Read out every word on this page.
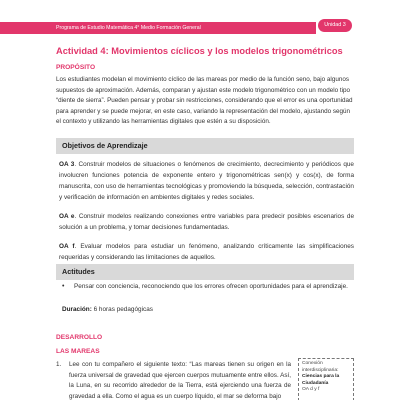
Programa de Estudio Matemática 4° Medio Formación General	Unidad 3
Actividad 4: Movimientos cíclicos y los modelos trigonométricos
PROPÓSITO
Los estudiantes modelan el movimiento cíclico de las mareas por medio de la función seno, bajo algunos supuestos de aproximación. Además, comparan y ajustan este modelo trigonométrico con un modelo tipo “diente de sierra”. Pueden pensar y probar sin restricciones, considerando que el error es una oportunidad para aprender y se puede mejorar, en este caso, variando la representación del modelo, ajustando según el contexto y utilizando las herramientas digitales que estén a su disposición.
Objetivos de Aprendizaje
OA 3. Construir modelos de situaciones o fenómenos de crecimiento, decrecimiento y periódicos que involucren funciones potencia de exponente entero y trigonométricas sen(x) y cos(x), de forma manuscrita, con uso de herramientas tecnológicas y promoviendo la búsqueda, selección, contrastación y verificación de información en ambientes digitales y redes sociales.
OA e. Construir modelos realizando conexiones entre variables para predecir posibles escenarios de solución a un problema, y tomar decisiones fundamentadas.
OA f. Evaluar modelos para estudiar un fenómeno, analizando críticamente las simplificaciones requeridas y considerando las limitaciones de aquellos.
Actitudes
•	Pensar con conciencia, reconociendo que los errores ofrecen oportunidades para el aprendizaje.
Duración: 6 horas pedagógicas
DESARROLLO
LAS MAREAS
1. Lee con tu compañero el siguiente texto: “Las mareas tienen su origen en la fuerza universal de gravedad que ejercen cuerpos mutuamente entre ellos. Así, la Luna, en su recorrido alrededor de la Tierra, está ejerciendo una fuerza de gravedad a ella. Como el agua es un cuerpo líquido, el mar se deforma bajo
Conexión
interdisciplinaria:
Ciencias para la
Ciudadanía
OA d y f
